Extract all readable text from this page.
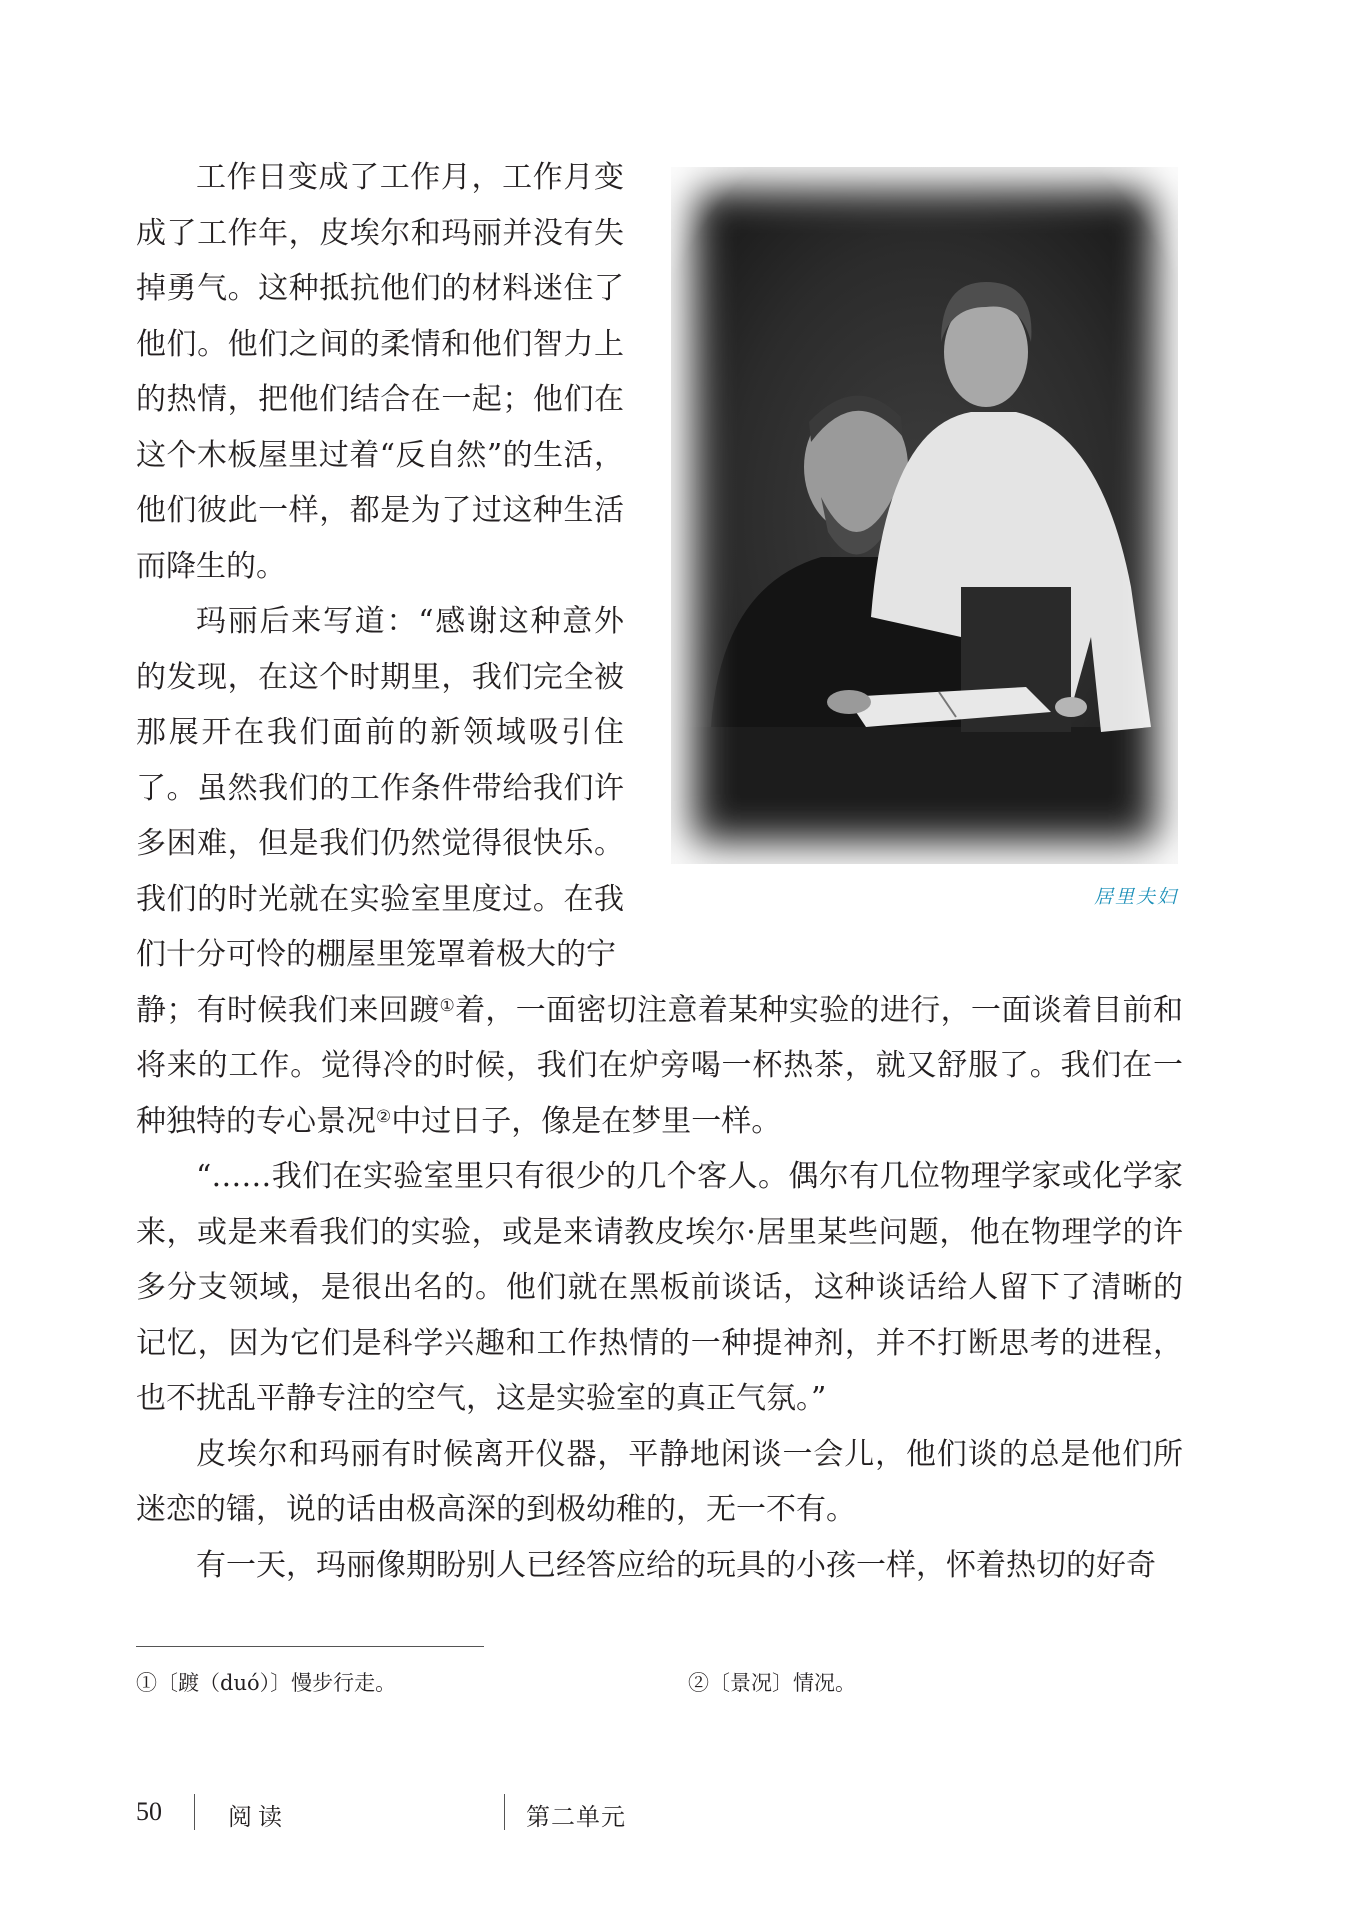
工作日变成了工作月，工作月变成了工作年，皮埃尔和玛丽并没有失掉勇气。这种抵抗他们的材料迷住了他们。他们之间的柔情和他们智力上的热情，把他们结合在一起；他们在这个木板屋里过着“反自然”的生活，他们彼此一样，都是为了过这种生活而降生的。

玛丽后来写道：“感谢这种意外的发现，在这个时期里，我们完全被那展开在我们面前的新领域吸引住了。虽然我们的工作条件带给我们许多困难，但是我们仍然觉得很快乐。我们的时光就在实验室里度过。在我们十分可怜的棚屋里笼罩着极大的宁

静；有时候我们来回踱①着，一面密切注意着某种实验的进行，一面谈着目前和将来的工作。觉得冷的时候，我们在炉旁喝一杯热茶，就又舒服了。我们在一种独特的专心景况②中过日子，像是在梦里一样。

“……我们在实验室里只有很少的几个客人。偶尔有几位物理学家或化学家来，或是来看我们的实验，或是来请教皮埃尔·居里某些问题，他在物理学的许多分支领域，是很出名的。他们就在黑板前谈话，这种谈话给人留下了清晰的记忆，因为它们是科学兴趣和工作热情的一种提神剂，并不打断思考的进程，也不扰乱平静专注的空气，这是实验室的真正气氛。”

皮埃尔和玛丽有时候离开仪器，平静地闲谈一会儿，他们谈的总是他们所迷恋的镭，说的话由极高深的到极幼稚的，无一不有。

有一天，玛丽像期盼别人已经答应给的玩具的小孩一样，怀着热切的好奇

居里夫妇
①〔踱（duó）〕慢步行走。	②〔景况〕情况。
50	阅读	第二单元
